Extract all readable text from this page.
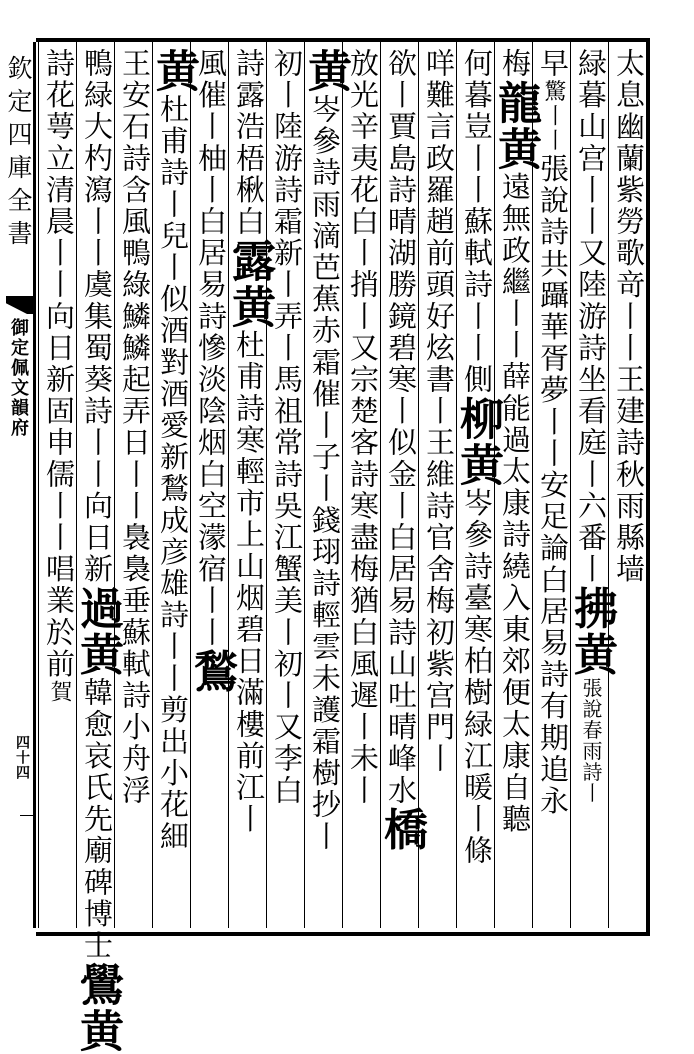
欽定四庫全書
御定佩文韻府
四十四
太息幽蘭紫勞歌竒丨丨王建詩秋雨縣墙
緑暮山宫丨丨又陸游詩坐看庭丨六番丨拂黄張說春雨詩丨
早驚丨丨張說詩共躡華胥夢丨丨安足論白居易詩有期追永
梅龍黄遠無政繼丨丨薛能過太康詩繞入東郊便太康自聽
何暮豈丨丨蘇軾詩丨丨側柳黄岑參詩臺寒柏樹緑江暖丨條
咩難言政羅趙前頭好炫書丨王維詩官舍梅初紫宫門丨
欲丨賈島詩晴湖勝鏡碧寒丨似金丨白居易詩山吐晴峰水橋
放光辛夷花白丨捎丨又宗楚客詩寒盡梅猶白風遲丨未丨
黄岑參詩雨滴芭蕉赤霜催丨子丨錢珝詩輕雲未護霜樹抄丨
初丨陸游詩霜新丨弄丨馬祖常詩吳江蟹美丨初丨又李白
詩露浩梧楸白露黄杜甫詩寒輕市上山烟碧日滿樓前江丨
風催丨柚丨白居易詩慘淡陰烟白空濛宿丨丨鶖
黄杜甫詩丨兒丨似酒對酒愛新鶖成彦雄詩丨丨剪出小花細
王安石詩含風鴨綠鱗鱗起弄日丨丨裊裊垂蘇軾詩小舟浮
鴨緑大杓瀉丨丨虞集蜀葵詩丨丨向日新過黄韓愈哀氏先廟碑博士鷽黄
詩花萼立清晨丨丨向日新固申儒丨丨唱業於前賀
